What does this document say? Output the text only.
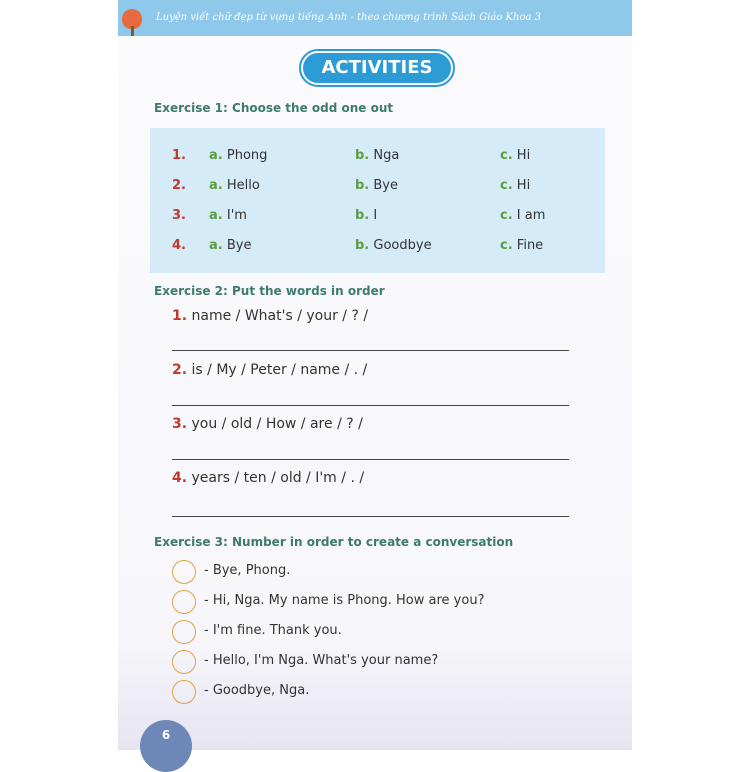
Luyện viết chữ đẹp từ vựng tiếng Anh - theo chương trình Sách Giáo Khoa 3
ACTIVITIES
Exercise 1: Choose the odd one out
1. a. Phong	b. Nga	c. Hi
2. a. Hello	b. Bye	c. Hi
3. a. I'm	b. I	c. I am
4. a. Bye	b. Goodbye	c. Fine
Exercise 2: Put the words in order
1. name / What's / your / ? /
2. is / My / Peter / name / . /
3. you / old / How / are / ? /
4. years / ten / old / I'm / . /
Exercise 3: Number in order to create a conversation
- Bye, Phong.
- Hi, Nga. My name is Phong. How are you?
- I'm fine. Thank you.
- Hello, I'm Nga. What's your name?
- Goodbye, Nga.
6
